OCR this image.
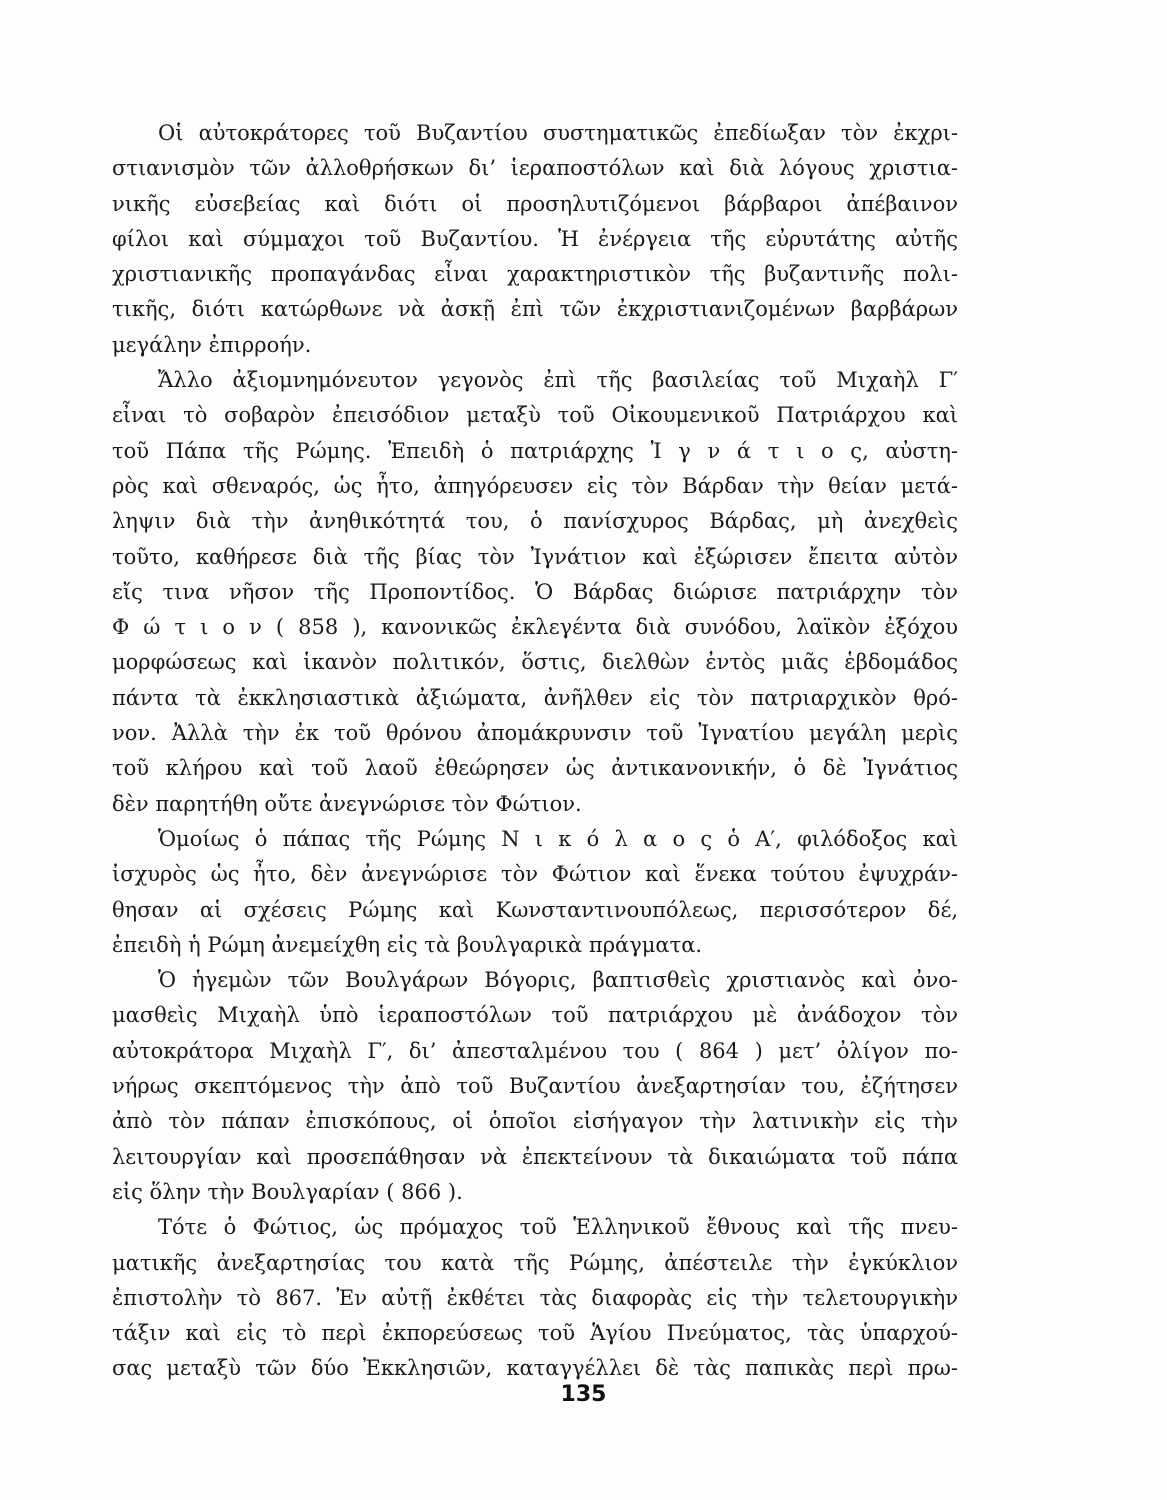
Οἱ αὐτοκράτορες τοῦ Βυζαντίου συστηματικῶς ἐπεδίωξαν τὸν ἐκχρι-
στιανισμὸν τῶν ἀλλοθρήσκων δι’ ἱεραποστόλων καὶ διὰ λόγους χριστια-
νικῆς εὐσεβείας καὶ διότι οἱ προσηλυτιζόμενοι βάρβαροι ἀπέβαινον
φίλοι καὶ σύμμαχοι τοῦ Βυζαντίου. Ἡ ἐνέργεια τῆς εὐρυτάτης αὐτῆς
χριστιανικῆς προπαγάνδας εἶναι χαρακτηριστικὸν τῆς βυζαντινῆς πολι-
τικῆς, διότι κατώρθωνε νὰ ἀσκῇ ἐπὶ τῶν ἐκχριστιανιζομένων βαρβάρων
μεγάλην ἐπιρροήν.
Ἄλλο ἀξιομνημόνευτον γεγονὸς ἐπὶ τῆς βασιλείας τοῦ Μιχαὴλ Γ′
εἶναι τὸ σοβαρὸν ἐπεισόδιον μεταξὺ τοῦ Οἰκουμενικοῦ Πατριάρχου καὶ
τοῦ Πάπα τῆς Ρώμης. Ἐπειδὴ ὁ πατριάρχης Ἰ γ ν ά τ ι ο ς, αὐστη-
ρὸς καὶ σθεναρός, ὡς ἦτο, ἀπηγόρευσεν εἰς τὸν Βάρδαν τὴν θείαν μετά-
ληψιν διὰ τὴν ἀνηθικότητά του, ὁ πανίσχυρος Βάρδας, μὴ ἀνεχθεὶς
τοῦτο, καθήρεσε διὰ τῆς βίας τὸν Ἰγνάτιον καὶ ἐξώρισεν ἔπειτα αὐτὸν
εἴς τινα νῆσον τῆς Προποντίδος. Ὁ Βάρδας διώρισε πατριάρχην τὸν
Φ ώ τ ι ο ν ( 858 ), κανονικῶς ἐκλεγέντα διὰ συνόδου, λαϊκὸν ἐξόχου
μορφώσεως καὶ ἱκανὸν πολιτικόν, ὅστις, διελθὼν ἐντὸς μιᾶς ἑβδομάδος
πάντα τὰ ἐκκλησιαστικὰ ἀξιώματα, ἀνῆλθεν εἰς τὸν πατριαρχικὸν θρό-
νον. Ἀλλὰ τὴν ἐκ τοῦ θρόνου ἀπομάκρυνσιν τοῦ Ἰγνατίου μεγάλη μερὶς
τοῦ κλήρου καὶ τοῦ λαοῦ ἐθεώρησεν ὡς ἀντικανονικήν, ὁ δὲ Ἰγνάτιος
δὲν παρητήθη οὔτε ἀνεγνώρισε τὸν Φώτιον.
Ὁμοίως ὁ πάπας τῆς Ρώμης Ν ι κ ό λ α ο ς ὁ Α′, φιλόδοξος καὶ
ἰσχυρὸς ὡς ἦτο, δὲν ἀνεγνώρισε τὸν Φώτιον καὶ ἕνεκα τούτου ἐψυχράν-
θησαν αἱ σχέσεις Ρώμης καὶ Κωνσταντινουπόλεως, περισσότερον δέ,
ἐπειδὴ ἡ Ρώμη ἀνεμείχθη εἰς τὰ βουλγαρικὰ πράγματα.
Ὁ ἡγεμὼν τῶν Βουλγάρων Βόγορις, βαπτισθεὶς χριστιανὸς καὶ ὀνο-
μασθεὶς Μιχαὴλ ὑπὸ ἱεραποστόλων τοῦ πατριάρχου μὲ ἀνάδοχον τὸν
αὐτοκράτορα Μιχαὴλ Γ′, δι’ ἀπεσταλμένου του ( 864 ) μετ’ ὀλίγον πο-
νήρως σκεπτόμενος τὴν ἀπὸ τοῦ Βυζαντίου ἀνεξαρτησίαν του, ἐζήτησεν
ἀπὸ τὸν πάπαν ἐπισκόπους, οἱ ὁποῖοι εἰσήγαγον τὴν λατινικὴν εἰς τὴν
λειτουργίαν καὶ προσεπάθησαν νὰ ἐπεκτείνουν τὰ δικαιώματα τοῦ πάπα
εἰς ὅλην τὴν Βουλγαρίαν ( 866 ).
Τότε ὁ Φώτιος, ὡς πρόμαχος τοῦ Ἑλληνικοῦ ἔθνους καὶ τῆς πνευ-
ματικῆς ἀνεξαρτησίας του κατὰ τῆς Ρώμης, ἀπέστειλε τὴν ἐγκύκλιον
ἐπιστολὴν τὸ 867. Ἐν αὐτῇ ἐκθέτει τὰς διαφορὰς εἰς τὴν τελετουργικὴν
τάξιν καὶ εἰς τὸ περὶ ἐκπορεύσεως τοῦ Ἁγίου Πνεύματος, τὰς ὑπαρχού-
σας μεταξὺ τῶν δύο Ἐκκλησιῶν, καταγγέλλει δὲ τὰς παπικὰς περὶ πρω-
135
